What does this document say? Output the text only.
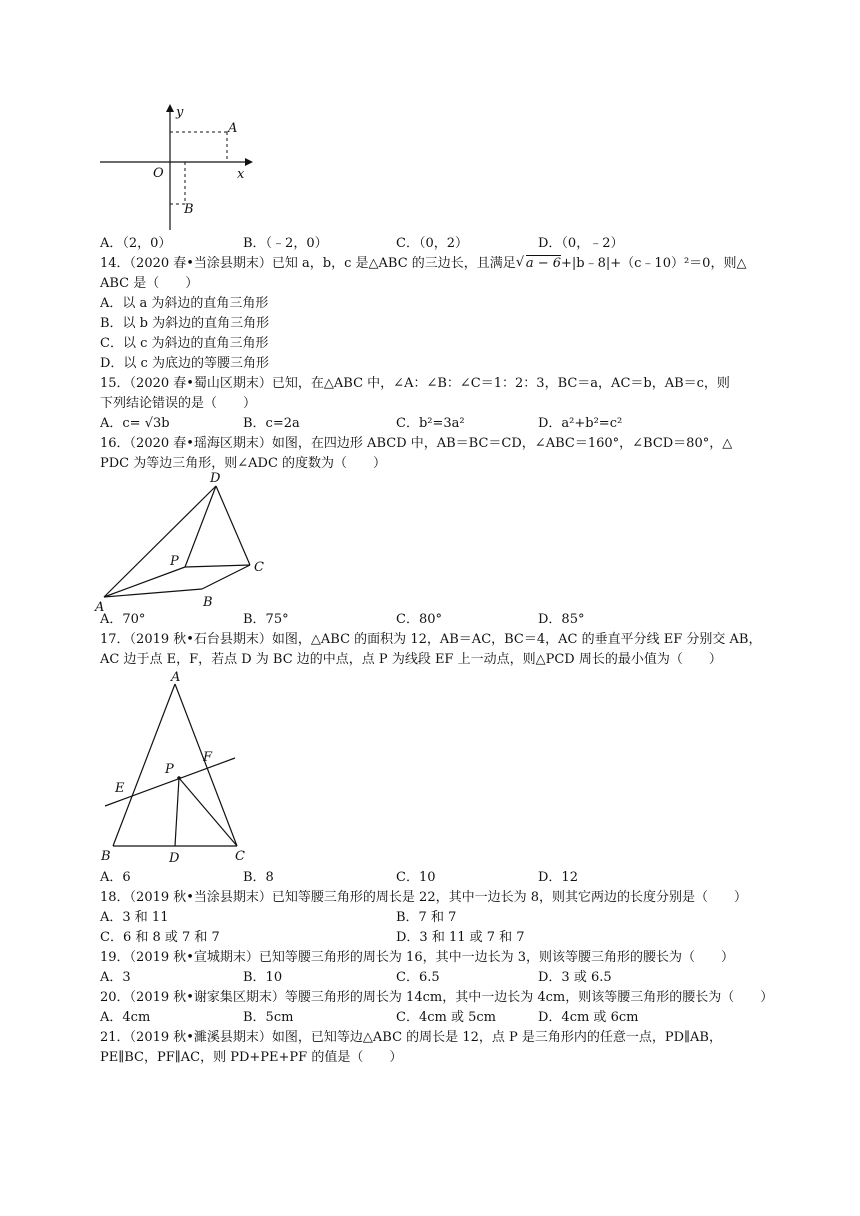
y
x
O
A
B
A．（2，0）	B．（﹣2，0）	C．（0，2）	D．（0，﹣2）
14．（2020 春•当涂县期末）已知 a，b，c 是△ABC 的三边长，且满足 √ a − 6+|b﹣8|+（c﹣10）²＝0，则△
ABC 是（　　）
A．以 a 为斜边的直角三角形
B．以 b 为斜边的直角三角形
C．以 c 为斜边的直角三角形
D．以 c 为底边的等腰三角形
15．（2020 春•蜀山区期末）已知，在△ABC 中，∠A：∠B：∠C＝1：2：3，BC＝a，AC＝b，AB＝c，则
下列结论错误的是（　　）
A．c= √3b	B．c=2a	C．b²=3a²	D．a²+b²=c²
16．（2020 春•瑶海区期末）如图，在四边形 ABCD 中，AB＝BC＝CD，∠ABC＝160°，∠BCD＝80°，△
PDC 为等边三角形，则∠ADC 的度数为（　　）
D
P	C
A	B
A．70°	B．75°	C．80°	D．85°
17．（2019 秋•石台县期末）如图，△ABC 的面积为 12，AB＝AC，BC＝4，AC 的垂直平分线 EF 分别交 AB，
AC 边于点 E，F，若点 D 为 BC 边的中点，点 P 为线段 EF 上一动点，则△PCD 周长的最小值为（　　）
A
E
P
F
B	D	C
A．6	B．8	C．10	D．12
18．（2019 秋•当涂县期末）已知等腰三角形的周长是 22，其中一边长为 8，则其它两边的长度分别是（　　）
A．3 和 11	B．7 和 7
C．6 和 8 或 7 和 7	D．3 和 11 或 7 和 7
19．（2019 秋•宣城期末）已知等腰三角形的周长为 16，其中一边长为 3，则该等腰三角形的腰长为（　　）
A．3	B．10	C．6.5	D．3 或 6.5
20．（2019 秋•谢家集区期末）等腰三角形的周长为 14cm，其中一边长为 4cm，则该等腰三角形的腰长为（　　）
A．4cm	B．5cm	C．4cm 或 5cm	D．4cm 或 6cm
21．（2019 秋•濉溪县期末）如图，已知等边△ABC 的周长是 12，点 P 是三角形内的任意一点，PD∥AB，
PE∥BC，PF∥AC，则 PD+PE+PF 的值是（　　）
